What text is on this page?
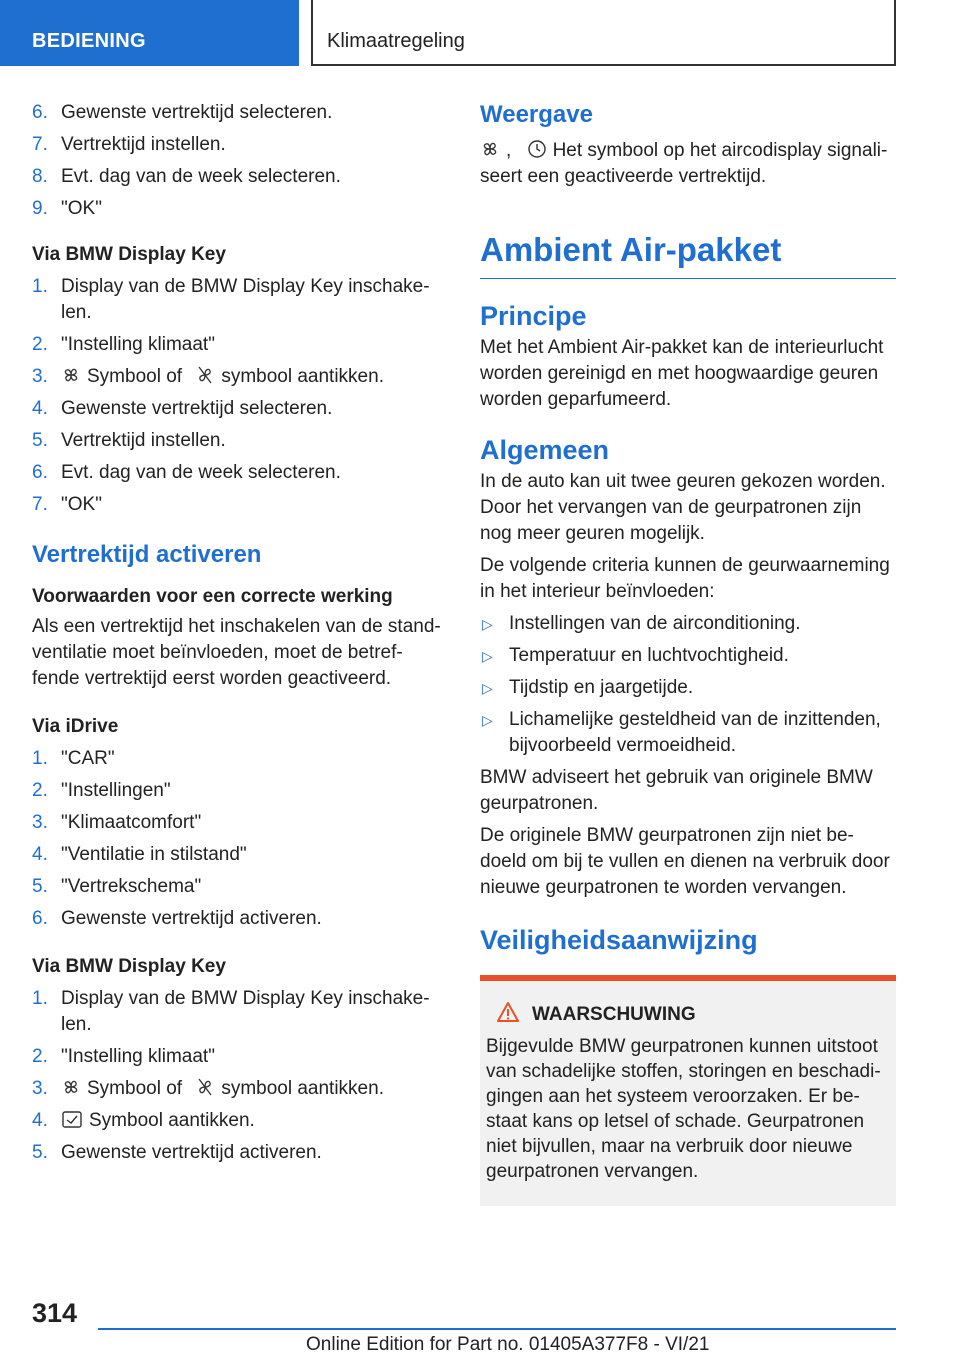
BEDIENING	Klimaatregeling
6. Gewenste vertrektijd selecteren.
7. Vertrektijd instellen.
8. Evt. dag van de week selecteren.
9. "OK"
Via BMW Display Key
1. Display van de BMW Display Key inschake-len.
2. "Instelling klimaat"
3. Symbool of symbool aantikken.
4. Gewenste vertrektijd selecteren.
5. Vertrektijd instellen.
6. Evt. dag van de week selecteren.
7. "OK"
Vertrektijd activeren
Voorwaarden voor een correcte werking

Als een vertrektijd het inschakelen van de stand-ventilatie moet beïnvloeden, moet de betref-fende vertrektijd eerst worden geactiveerd.

Via iDrive
1. "CAR"
2. "Instellingen"
3. "Klimaatcomfort"
4. "Ventilatie in stilstand"
5. "Vertrekschema"
6. Gewenste vertrektijd activeren.
Via BMW Display Key
1. Display van de BMW Display Key inschake-len.
2. "Instelling klimaat"
3. Symbool of symbool aantikken.
4. Symbool aantikken.
5. Gewenste vertrektijd activeren.
Weergave

, Het symbool op het aircodisplay signali-seert een geactiveerde vertrektijd.

Ambient Air-pakket
Principe

Met het Ambient Air-pakket kan de interieurlucht worden gereinigd en met hoogwaardige geuren worden geparfumeerd.

Algemeen

In de auto kan uit twee geuren gekozen worden. Door het vervangen van de geurpatronen zijn nog meer geuren mogelijk.

De volgende criteria kunnen de geurwaarneming in het interieur beïnvloeden:

▷ Instellingen van de airconditioning.
▷ Temperatuur en luchtvochtigheid.
▷ Tijdstip en jaargetijde.
▷ Lichamelijke gesteldheid van de inzittenden, bijvoorbeeld vermoeidheid.

BMW adviseert het gebruik van originele BMW geurpatronen.

De originele BMW geurpatronen zijn niet be-doeld om bij te vullen en dienen na verbruik door nieuwe geurpatronen te worden vervangen.

Veiligheidsaanwijzing
WAARSCHUWING

Bijgevulde BMW geurpatronen kunnen uitstoot van schadelijke stoffen, storingen en beschadi-gingen aan het systeem veroorzaken. Er be-staat kans op letsel of schade. Geurpatronen niet bijvullen, maar na verbruik door nieuwe geurpatronen vervangen.

314
Online Edition for Part no. 01405A377F8 - VI/21
